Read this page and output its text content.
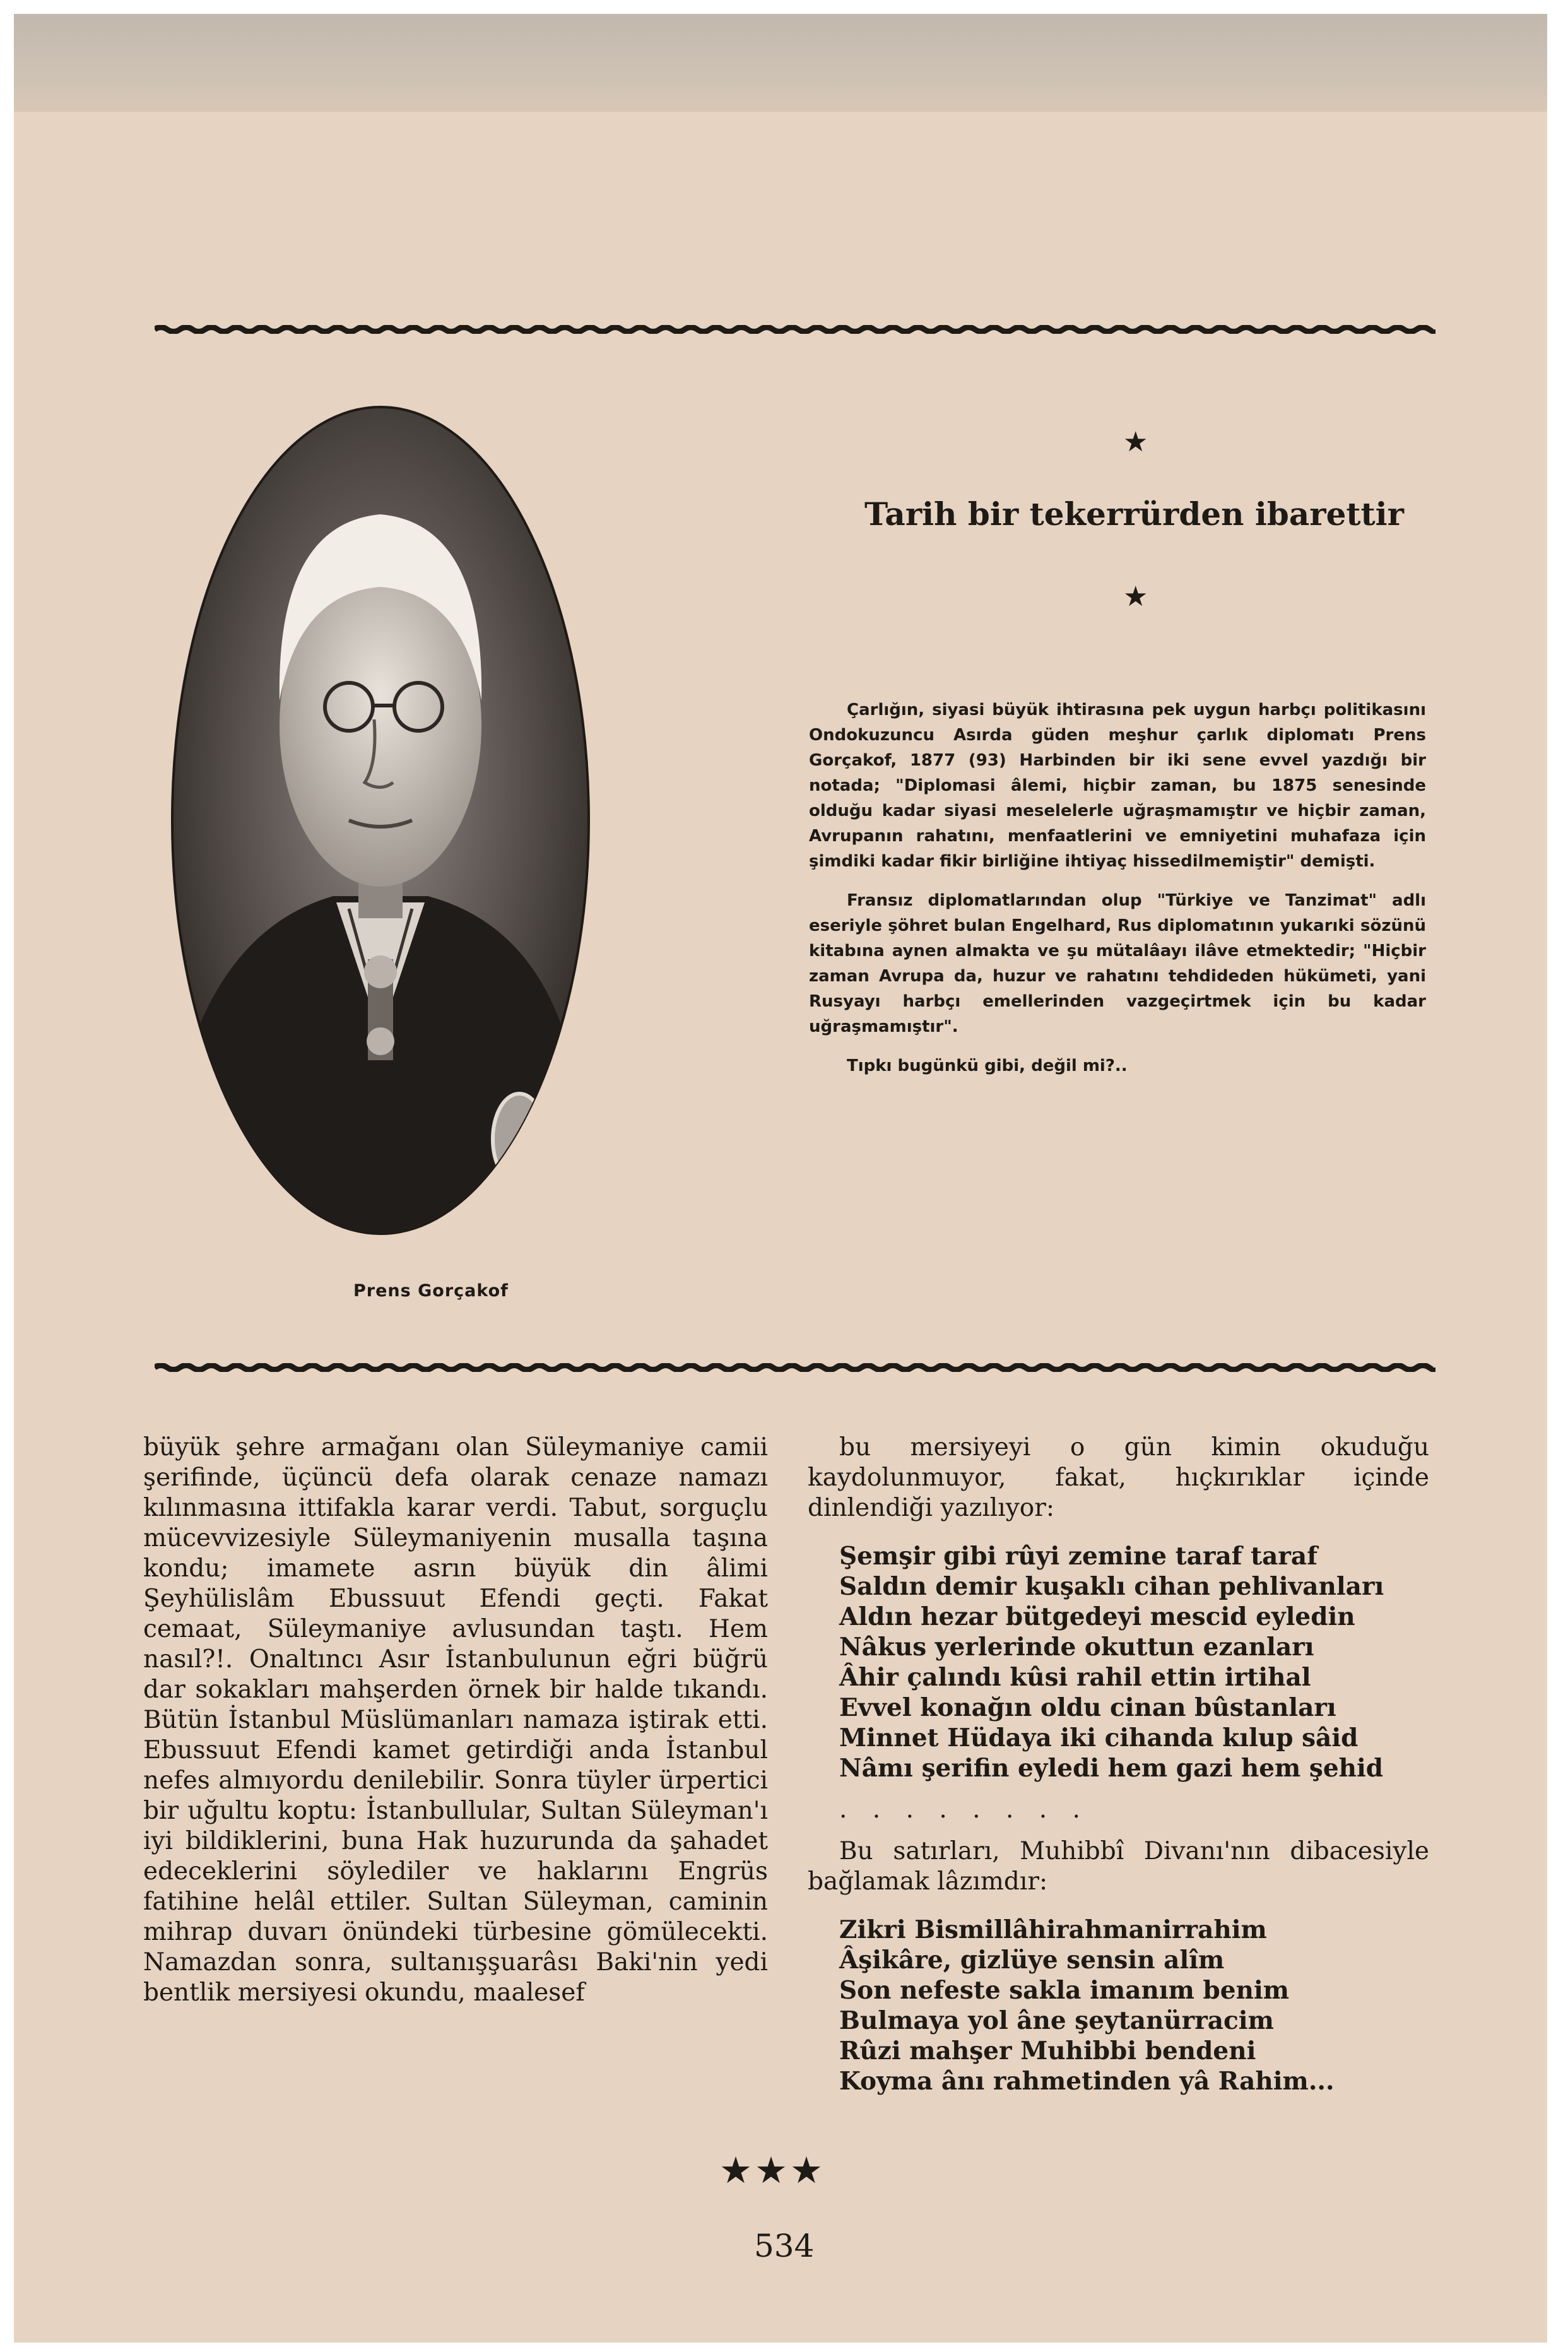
Prens Gorçakof
★
Tarih bir tekerrürden ibarettir
★

Çarlığın, siyasi büyük ihtirasına pek uygun harbçı politikasını Ondokuzuncu Asırda güden meşhur çarlık diplomatı Prens Gorçakof, 1877 (93) Harbinden bir iki sene evvel yazdığı bir notada; "Diplomasi âlemi, hiçbir zaman, bu 1875 senesinde olduğu kadar siyasi meselelerle uğraşmamıştır ve hiçbir zaman, Avrupanın rahatını, menfaatlerini ve emniyetini muhafaza için şimdiki kadar fikir birliğine ihtiyaç hissedilmemiştir" demişti.

Fransız diplomatlarından olup "Türkiye ve Tanzimat" adlı eseriyle şöhret bulan Engelhard, Rus diplomatının yukarıki sözünü kitabına aynen almakta ve şu mütalâayı ilâve etmektedir; "Hiçbir zaman Avrupa da, huzur ve rahatını tehdideden hükümeti, yani Rusyayı harbçı emellerinden vazgeçirtmek için bu kadar uğraşmamıştır".

Tıpkı bugünkü gibi, değil mi?..

büyük şehre armağanı olan Süleymaniye camii şerifinde, üçüncü defa olarak cenaze namazı kılınmasına ittifakla karar verdi. Tabut, sorguçlu mücevvizesiyle Süleymaniyenin musalla taşına kondu; imamete asrın büyük din âlimi Şeyhülislâm Ebussuut Efendi geçti. Fakat cemaat, Süleymaniye avlusundan taştı. Hem nasıl?!. Onaltıncı Asır İstanbulunun eğri büğrü dar sokakları mahşerden örnek bir halde tıkandı. Bütün İstanbul Müslümanları namaza iştirak etti. Ebussuut Efendi kamet getirdiği anda İstanbul nefes almıyordu denilebilir. Sonra tüyler ürpertici bir uğultu koptu: İstanbullular, Sultan Süleyman'ı iyi bildiklerini, buna Hak huzurunda da şahadet edeceklerini söylediler ve haklarını Engrüs fatihine helâl ettiler. Sultan Süleyman, caminin mihrap duvarı önündeki türbesine gömülecekti. Namazdan sonra, sultanışşuarâsı Baki'nin yedi bentlik mersiyesi okundu, maalesef

bu mersiyeyi o gün kimin okuduğu kaydolunmuyor, fakat, hıçkırıklar içinde dinlendiği yazılıyor:

Şemşir gibi rûyi zemine taraf taraf
Saldın demir kuşaklı cihan pehlivanları
Aldın hezar bütgedeyi mescid eyledin
Nâkus yerlerinde okuttun ezanları
Âhir çalındı kûsi rahil ettin irtihal
Evvel konağın oldu cinan bûstanları
Minnet Hüdaya iki cihanda kılup sâid
Nâmı şerifin eyledi hem gazi hem şehid
. . . . . . . .

Bu satırları, Muhibbî Divanı'nın dibacesiyle bağlamak lâzımdır:

Zikri Bismillâhirahmanirrahim
Âşikâre, gizlüye sensin alîm
Son nefeste sakla imanım benim
Bulmaya yol âne şeytanürracim
Rûzi mahşer Muhibbi bendeni
Koyma ânı rahmetinden yâ Rahim...
★★★
534
